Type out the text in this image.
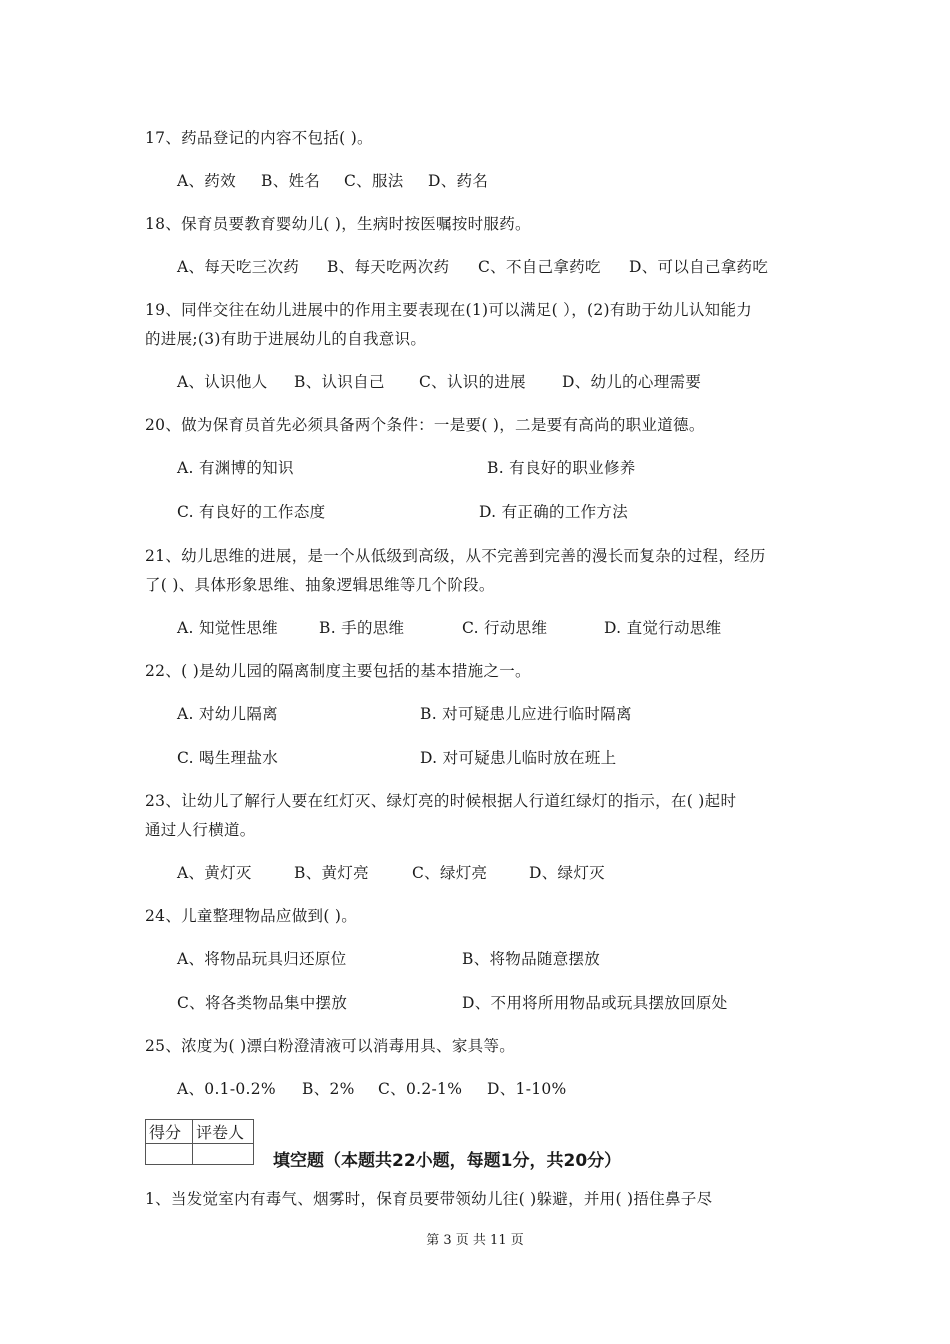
17、药品登记的内容不包括( )。
A、药效 B、姓名 C、服法 D、药名
18、保育员要教育婴幼儿( )，生病时按医嘱按时服药。
A、每天吃三次药 B、每天吃两次药 C、不自己拿药吃 D、可以自己拿药吃
19、同伴交往在幼儿进展中的作用主要表现在(1)可以满足( ），(2)有助于幼儿认知能力
的进展;(3)有助于进展幼儿的自我意识。
A、认识他人 B、认识自己 C、认识的进展 D、幼儿的心理需要
20、做为保育员首先必须具备两个条件：一是要( )，二是要有高尚的职业道德。
A. 有渊博的知识	B. 有良好的职业修养
C. 有良好的工作态度	D. 有正确的工作方法
21、幼儿思维的进展，是一个从低级到高级，从不完善到完善的漫长而复杂的过程，经历
了( )、具体形象思维、抽象逻辑思维等几个阶段。
A. 知觉性思维	B. 手的思维	C. 行动思维	D. 直觉行动思维
22、( )是幼儿园的隔离制度主要包括的基本措施之一。
A. 对幼儿隔离	B. 对可疑患儿应进行临时隔离
C. 喝生理盐水	D. 对可疑患儿临时放在班上
23、让幼儿了解行人要在红灯灭、绿灯亮的时候根据人行道红绿灯的指示，在( )起时
通过人行横道。
A、黄灯灭	B、黄灯亮	C、绿灯亮	D、绿灯灭
24、儿童整理物品应做到( )。
A、将物品玩具归还原位	B、将物品随意摆放
C、将各类物品集中摆放	D、不用将所用物品或玩具摆放回原处
25、浓度为( )漂白粉澄清液可以消毒用具、家具等。
A、0.1-0.2% B、2% C、0.2-1% D、1-10%
得分	评卷人

填空题（本题共22小题，每题1分，共20分）
1、当发觉室内有毒气、烟雾时，保育员要带领幼儿往( )躲避，并用( )捂住鼻子尽
第 3 页 共 11 页
